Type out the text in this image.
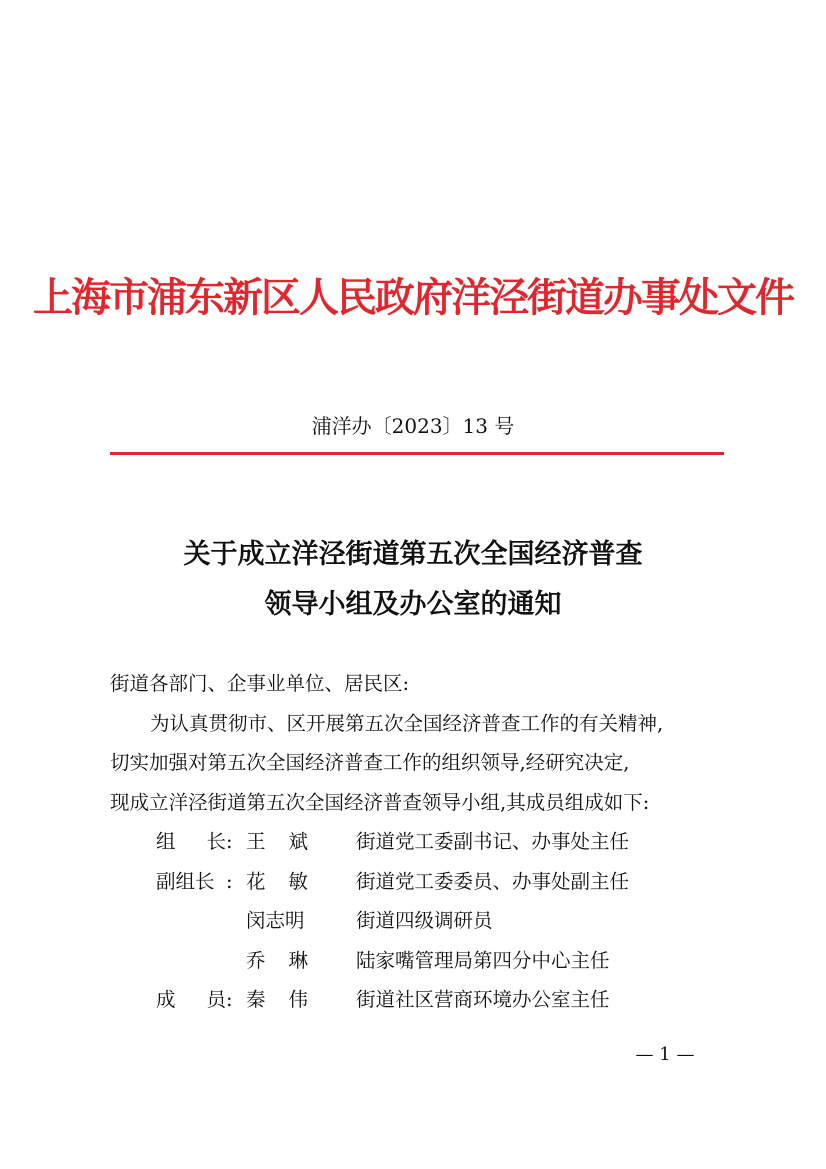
上海市浦东新区人民政府洋泾街道办事处文件
浦洋办〔2023〕13 号
关于成立洋泾街道第五次全国经济普查
领导小组及办公室的通知
街道各部门、企事业单位、居民区:
为认真贯彻市、区开展第五次全国经济普查工作的有关精神,
切实加强对第五次全国经济普查工作的组织领导,经研究决定,
现成立洋泾街道第五次全国经济普查领导小组,其成员组成如下:
组 长 : 王 斌 街道党工委副书记、办事处主任
副组长 : 花 敏 街道党工委委员、办事处副主任
闵志明	街道四级调研员
乔 琳 陆家嘴管理局第四分中心主任
成 员 : 秦 伟 街道社区营商环境办公室主任
— 1 —
